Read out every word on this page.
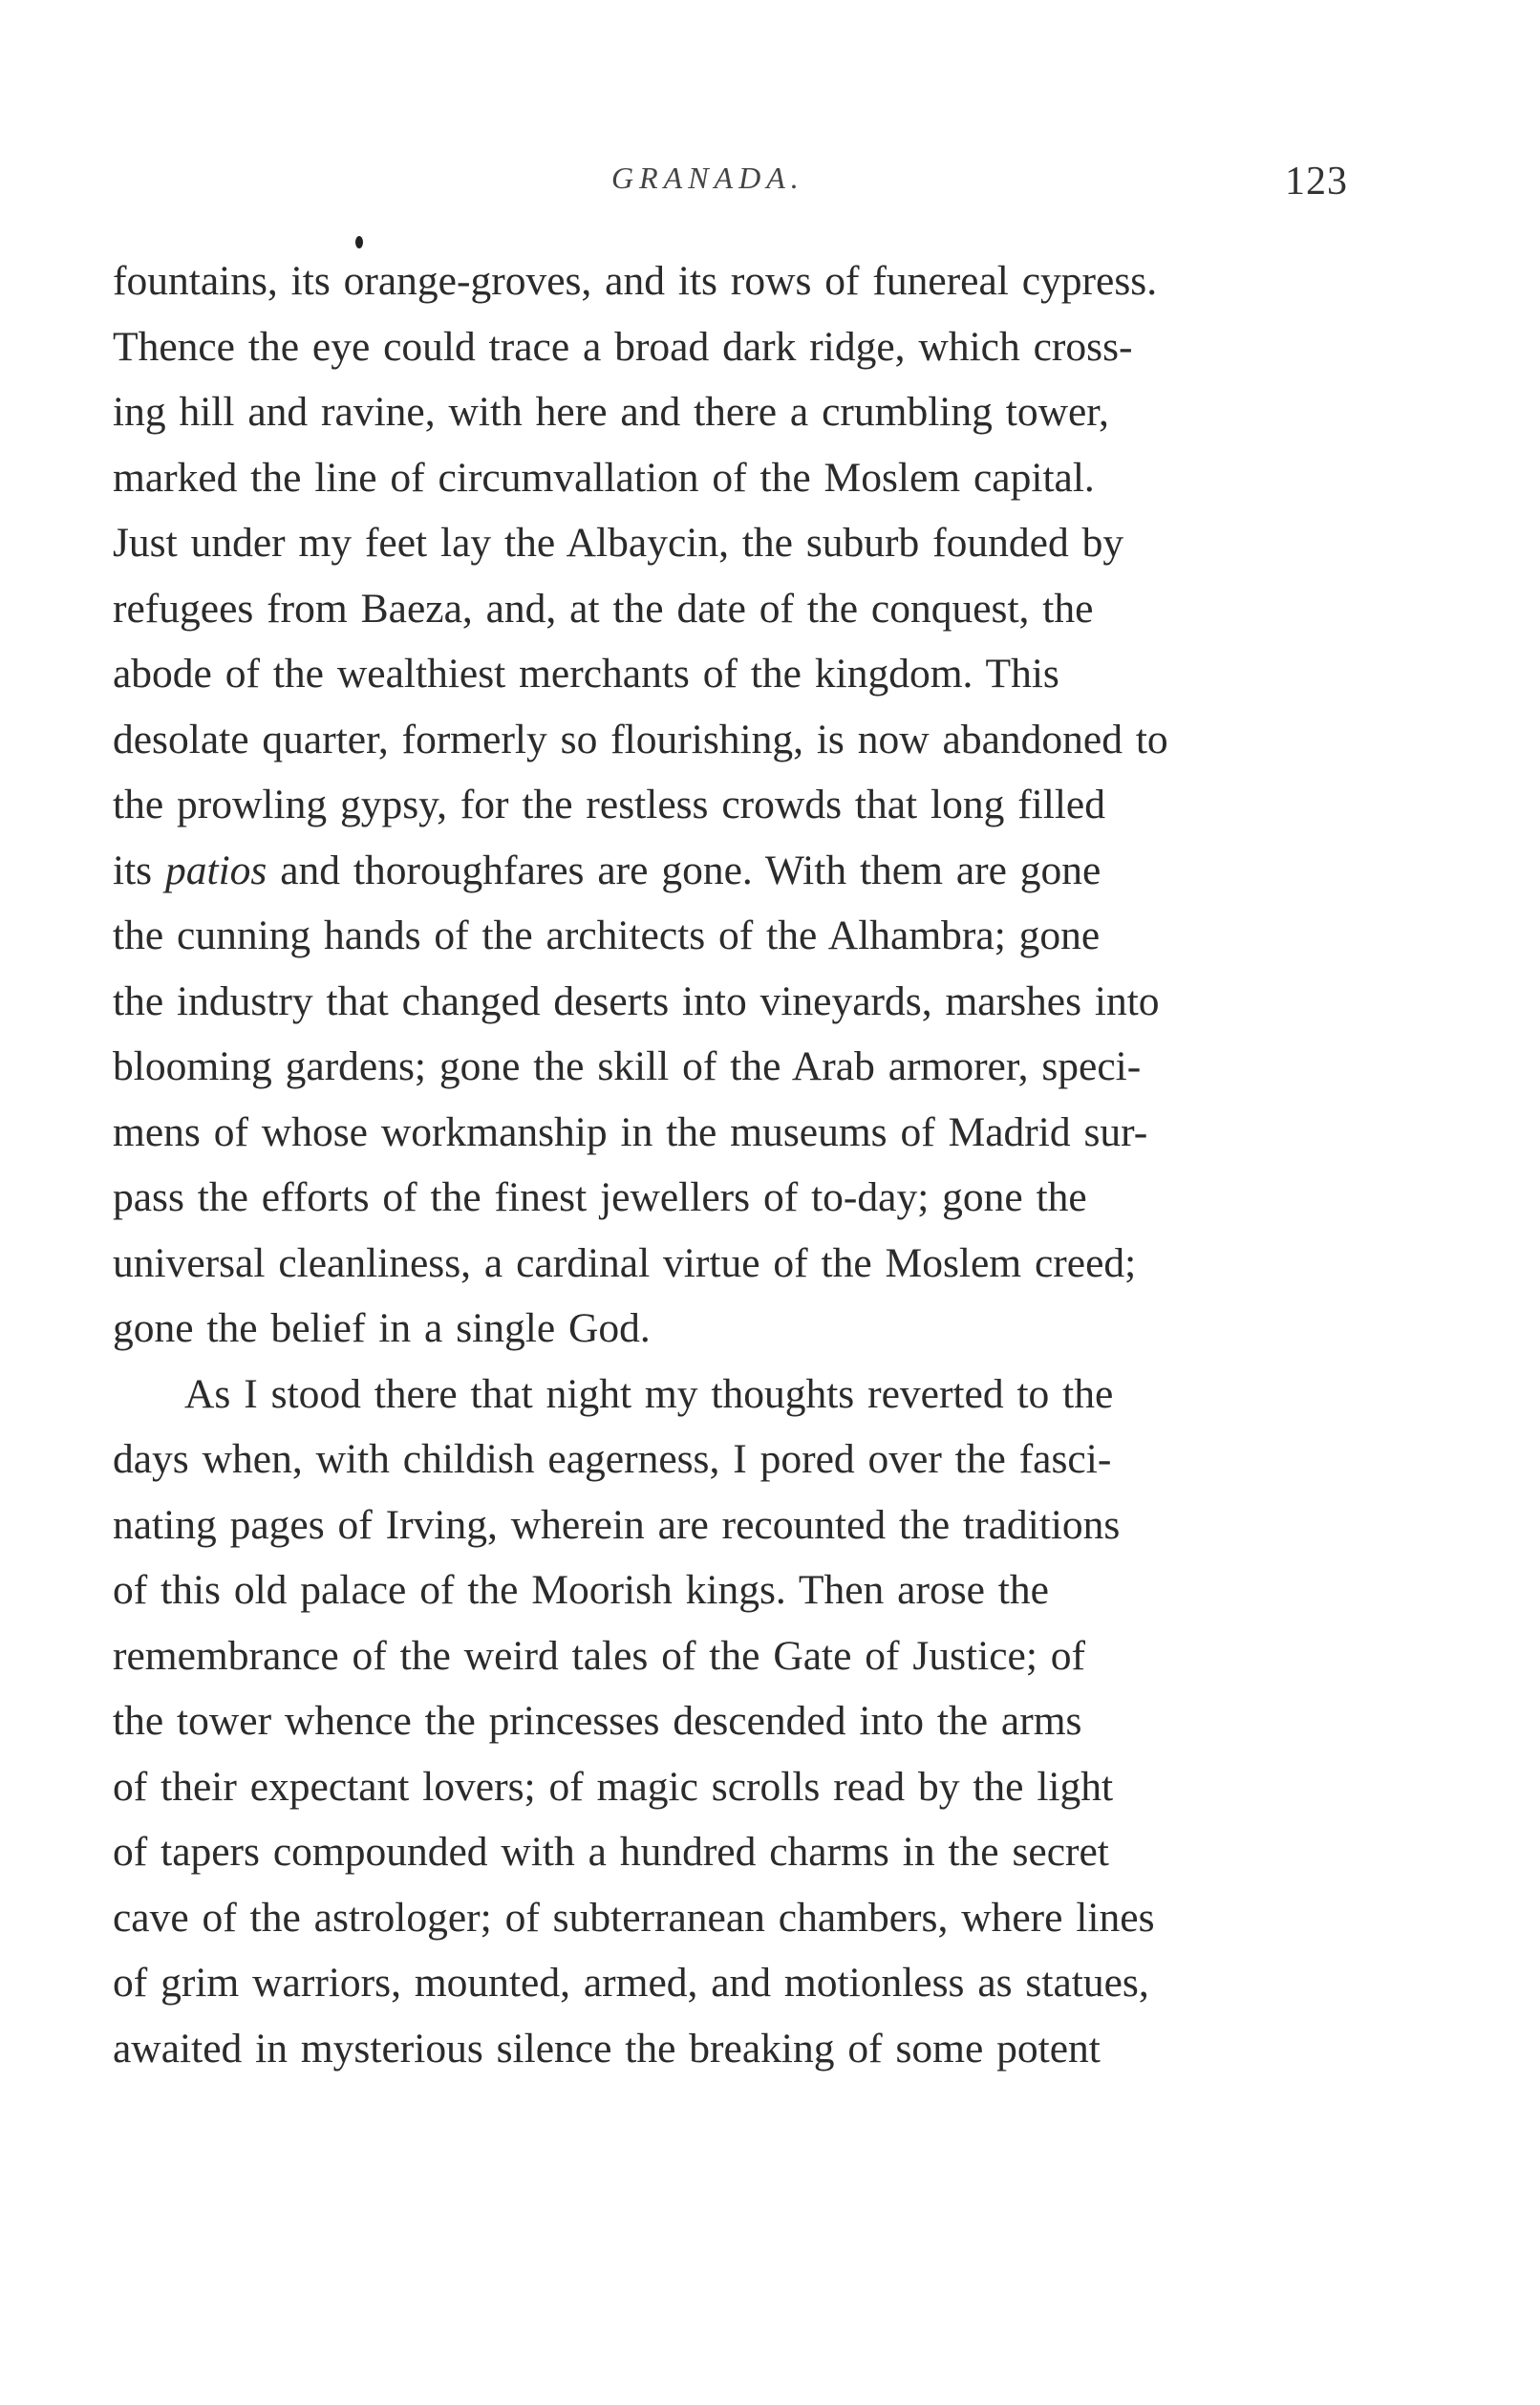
GRANADA.	123
fountains, its orange-groves, and its rows of funereal cypress.
Thence the eye could trace a broad dark ridge, which cross-
ing hill and ravine, with here and there a crumbling tower,
marked the line of circumvallation of the Moslem capital.
Just under my feet lay the Albaycin, the suburb founded by
refugees from Baeza, and, at the date of the conquest, the
abode of the wealthiest merchants of the kingdom. This
desolate quarter, formerly so flourishing, is now abandoned to
the prowling gypsy, for the restless crowds that long filled
its patios and thoroughfares are gone. With them are gone
the cunning hands of the architects of the Alhambra; gone
the industry that changed deserts into vineyards, marshes into
blooming gardens; gone the skill of the Arab armorer, speci-
mens of whose workmanship in the museums of Madrid sur-
pass the efforts of the finest jewellers of to-day; gone the
universal cleanliness, a cardinal virtue of the Moslem creed;
gone the belief in a single God.
As I stood there that night my thoughts reverted to the
days when, with childish eagerness, I pored over the fasci-
nating pages of Irving, wherein are recounted the traditions
of this old palace of the Moorish kings. Then arose the
remembrance of the weird tales of the Gate of Justice; of
the tower whence the princesses descended into the arms
of their expectant lovers; of magic scrolls read by the light
of tapers compounded with a hundred charms in the secret
cave of the astrologer; of subterranean chambers, where lines
of grim warriors, mounted, armed, and motionless as statues,
awaited in mysterious silence the breaking of some potent
